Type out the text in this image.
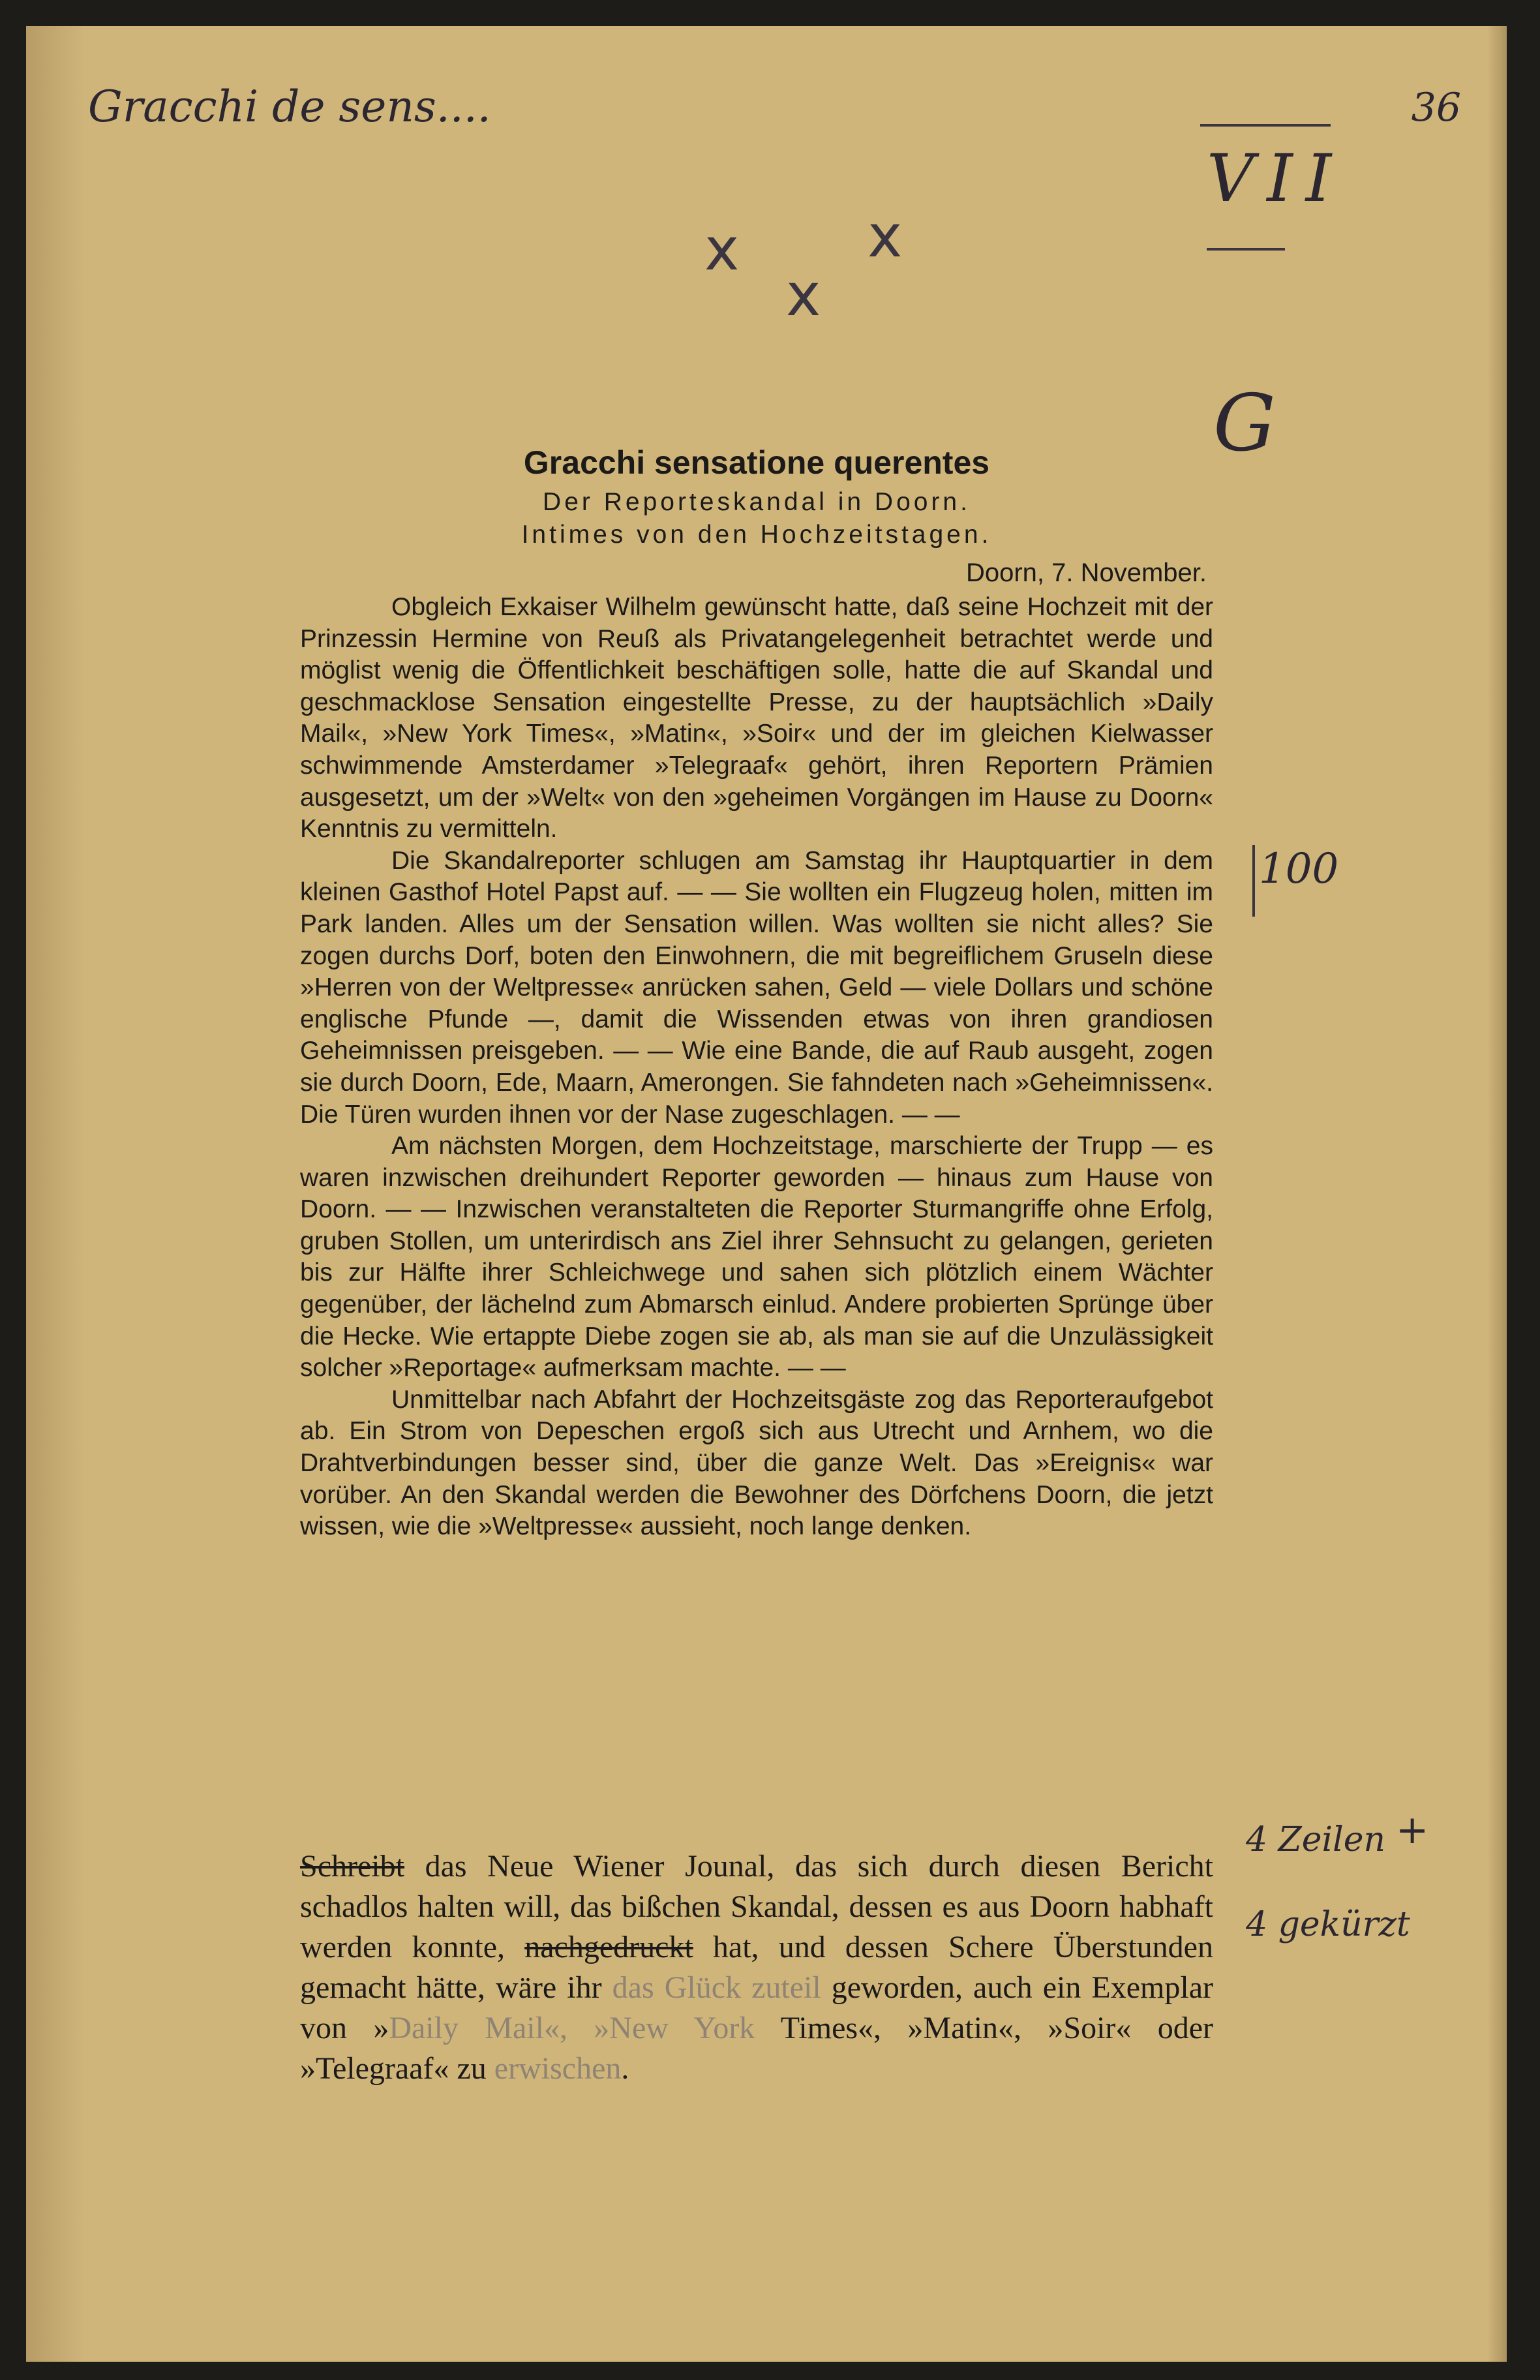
Gracchi de sens....	36
VII
x x
x
G
100
4 Zeilen +
4 gekürzt
Gracchi sensatione querentes

Der Reporteskandal in Doorn.

Intimes von den Hochzeitstagen.

Doorn, 7. November.

Obgleich Exkaiser Wilhelm gewünscht hatte, daß seine Hochzeit mit der Prinzessin Hermine von Reuß als Privatangelegenheit betrachtet werde und möglist wenig die Öffentlichkeit beschäftigen solle, hatte die auf Skandal und geschmacklose Sensation eingestellte Presse, zu der hauptsächlich »Daily Mail«, »New York Times«, »Matin«, »Soir« und der im gleichen Kielwasser schwimmende Amsterdamer »Telegraaf« gehört, ihren Reportern Prämien ausgesetzt, um der »Welt« von den »geheimen Vorgängen im Hause zu Doorn« Kenntnis zu vermitteln.

Die Skandalreporter schlugen am Samstag ihr Hauptquartier in dem kleinen Gasthof Hotel Papst auf. — — Sie wollten ein Flugzeug holen, mitten im Park landen. Alles um der Sensation willen. Was wollten sie nicht alles? Sie zogen durchs Dorf, boten den Einwohnern, die mit begreiflichem Gruseln diese »Herren von der Weltpresse« anrücken sahen, Geld — viele Dollars und schöne englische Pfunde —, damit die Wissenden etwas von ihren grandiosen Geheimnissen preisgeben. — — Wie eine Bande, die auf Raub ausgeht, zogen sie durch Doorn, Ede, Maarn, Amerongen. Sie fahndeten nach »Geheimnissen«. Die Türen wurden ihnen vor der Nase zugeschlagen. — —

Am nächsten Morgen, dem Hochzeitstage, marschierte der Trupp — es waren inzwischen dreihundert Reporter geworden — hinaus zum Hause von Doorn. — — Inzwischen veranstalteten die Reporter Sturmangriffe ohne Erfolg, gruben Stollen, um unterirdisch ans Ziel ihrer Sehnsucht zu gelangen, gerieten bis zur Hälfte ihrer Schleichwege und sahen sich plötzlich einem Wächter gegenüber, der lächelnd zum Abmarsch einlud. Andere probierten Sprünge über die Hecke. Wie ertappte Diebe zogen sie ab, als man sie auf die Unzulässigkeit solcher »Reportage« aufmerksam machte. — —

Unmittelbar nach Abfahrt der Hochzeitsgäste zog das Reporteraufgebot ab. Ein Strom von Depeschen ergoß sich aus Utrecht und Arnhem, wo die Drahtverbindungen besser sind, über die ganze Welt. Das »Ereignis« war vorüber. An den Skandal werden die Bewohner des Dörfchens Doorn, die jetzt wissen, wie die »Weltpresse« aussieht, noch lange denken.

Schreibt das Neue Wiener Jounal, das sich durch diesen Bericht schadlos halten will, das bißchen Skandal, dessen es aus Doorn habhaft werden konnte, nachgedruckt hat, und dessen Schere Überstunden gemacht hätte, wäre ihr das Glück zuteil geworden, auch ein Exemplar von »Daily Mail«, »New York Times«, »Matin«, »Soir« oder »Telegraaf« zu erwischen.
